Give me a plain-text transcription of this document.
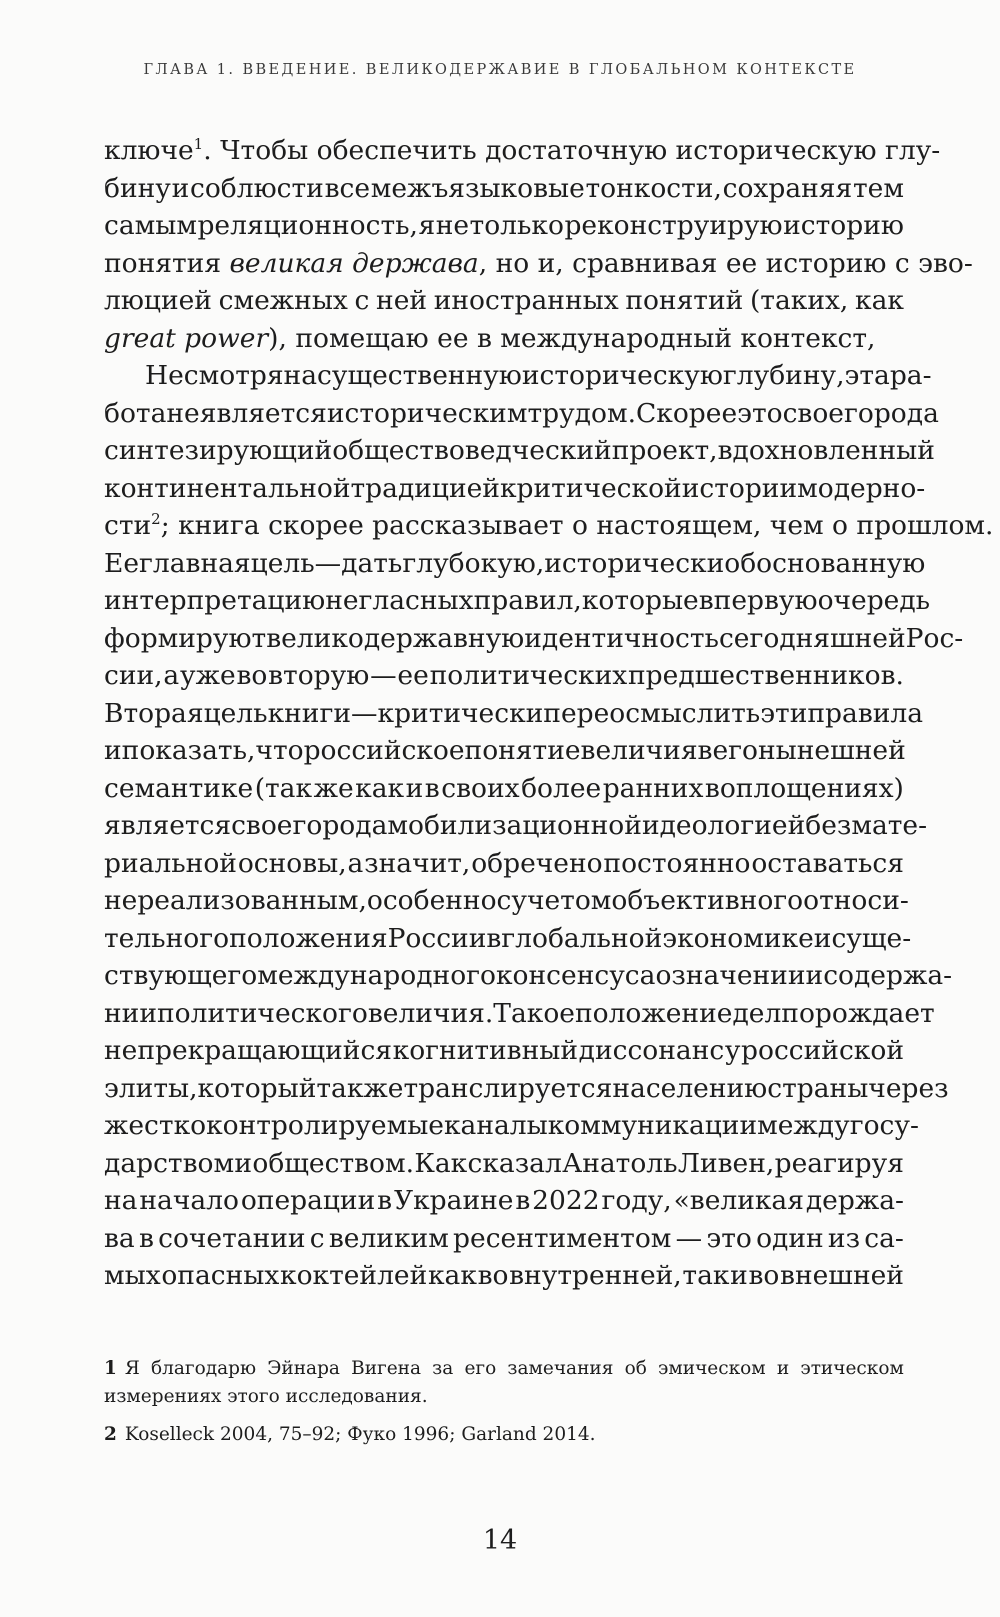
ГЛАВА 1. ВВЕДЕНИЕ. ВЕЛИКОДЕРЖАВИЕ В ГЛОБАЛЬНОМ КОНТЕКСТЕ
ключе$^1$. Чтобы обеспечить достаточную историческую глу-
бину и соблюсти все межъязыковые тонкости, сохраняя тем
самым реляционность, я не только реконструирую историю
понятия великая держава, но и, сравнивая ее историю с эво-
люцией смежных с ней иностранных понятий (таких, как
great power), помещаю ее в международный контекст,
Несмотря на существенную историческую глубину, эта ра-
бота не является историческим трудом. Скорее это своего рода
синтезирующий обществоведческий проект, вдохновленный
континентальной традицией критической истории модерно-
сти$^2$; книга скорее рассказывает о настоящем, чем о прошлом.
Ее главная цель — дать глубокую, исторически обоснованную
интерпретацию негласных правил, которые в первую очередь
формируют великодержавную идентичность сегодняшней Рос-
сии, а уже во вторую — ее политических предшественников.
Вторая цель книги — критически переосмыслить эти правила
и показать, что российское понятие величия в его нынешней
семантике (так же как и в своих более ранних воплощениях)
является своего рода мобилизационной идеологией без мате-
риальной основы, а значит, обречено постоянно оставаться
нереализованным, особенно с учетом объективного относи-
тельного положения России в глобальной экономике и суще-
ствующего международного консенсуса о значении и содержа-
нии политического величия. Такое положение дел порождает
непрекращающийся когнитивный диссонанс у российской
элиты, который также транслируется населению страны через
жестко контролируемые каналы коммуникации между госу-
дарством и обществом. Как сказал Анатоль Ливен, реагируя
на начало операции в Украине в 2022 году, «великая держа-
ва в сочетании с великим ресентиментом — это один из са-
мых опасных коктейлей как во внутренней, так и во внешней
1 Я благодарю Эйнара Вигена за его замечания об эмическом и этическом
измерениях этого исследования.
2 Koselleck 2004, 75–92; Фуко 1996; Garland 2014.
14
